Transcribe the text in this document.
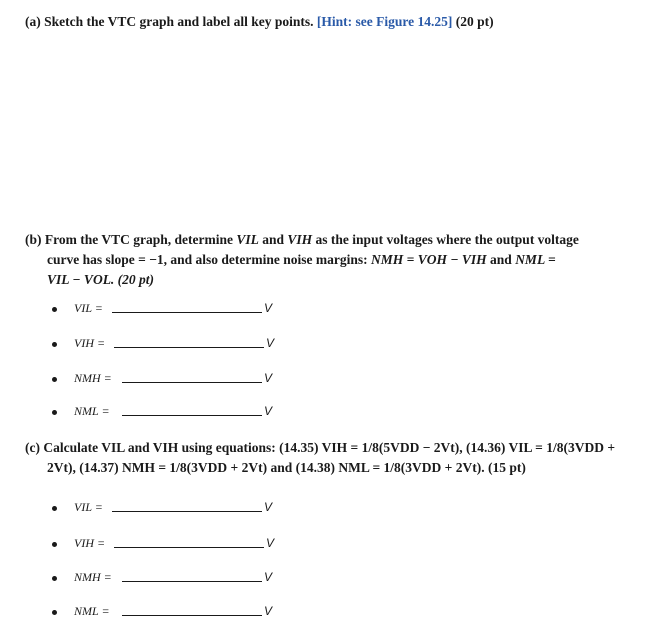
(a) Sketch the VTC graph and label all key points. [Hint: see Figure 14.25] (20 pt)
(b) From the VTC graph, determine VIL and VIH as the input voltages where the output voltage
curve has slope = −1, and also determine noise margins: NMH = VOH − VIH and NML =
VIL − VOL. (20 pt)
VIL =	V
VIH =	V
NMH =	V
NML =	V
(c) Calculate VIL and VIH using equations: (14.35) VIH = 1/8(5VDD − 2Vt), (14.36) VIL = 1/8(3VDD +
2Vt), (14.37) NMH = 1/8(3VDD + 2Vt) and (14.38) NML = 1/8(3VDD + 2Vt). (15 pt)
VIL =	V
VIH =	V
NMH =	V
NML =	V
